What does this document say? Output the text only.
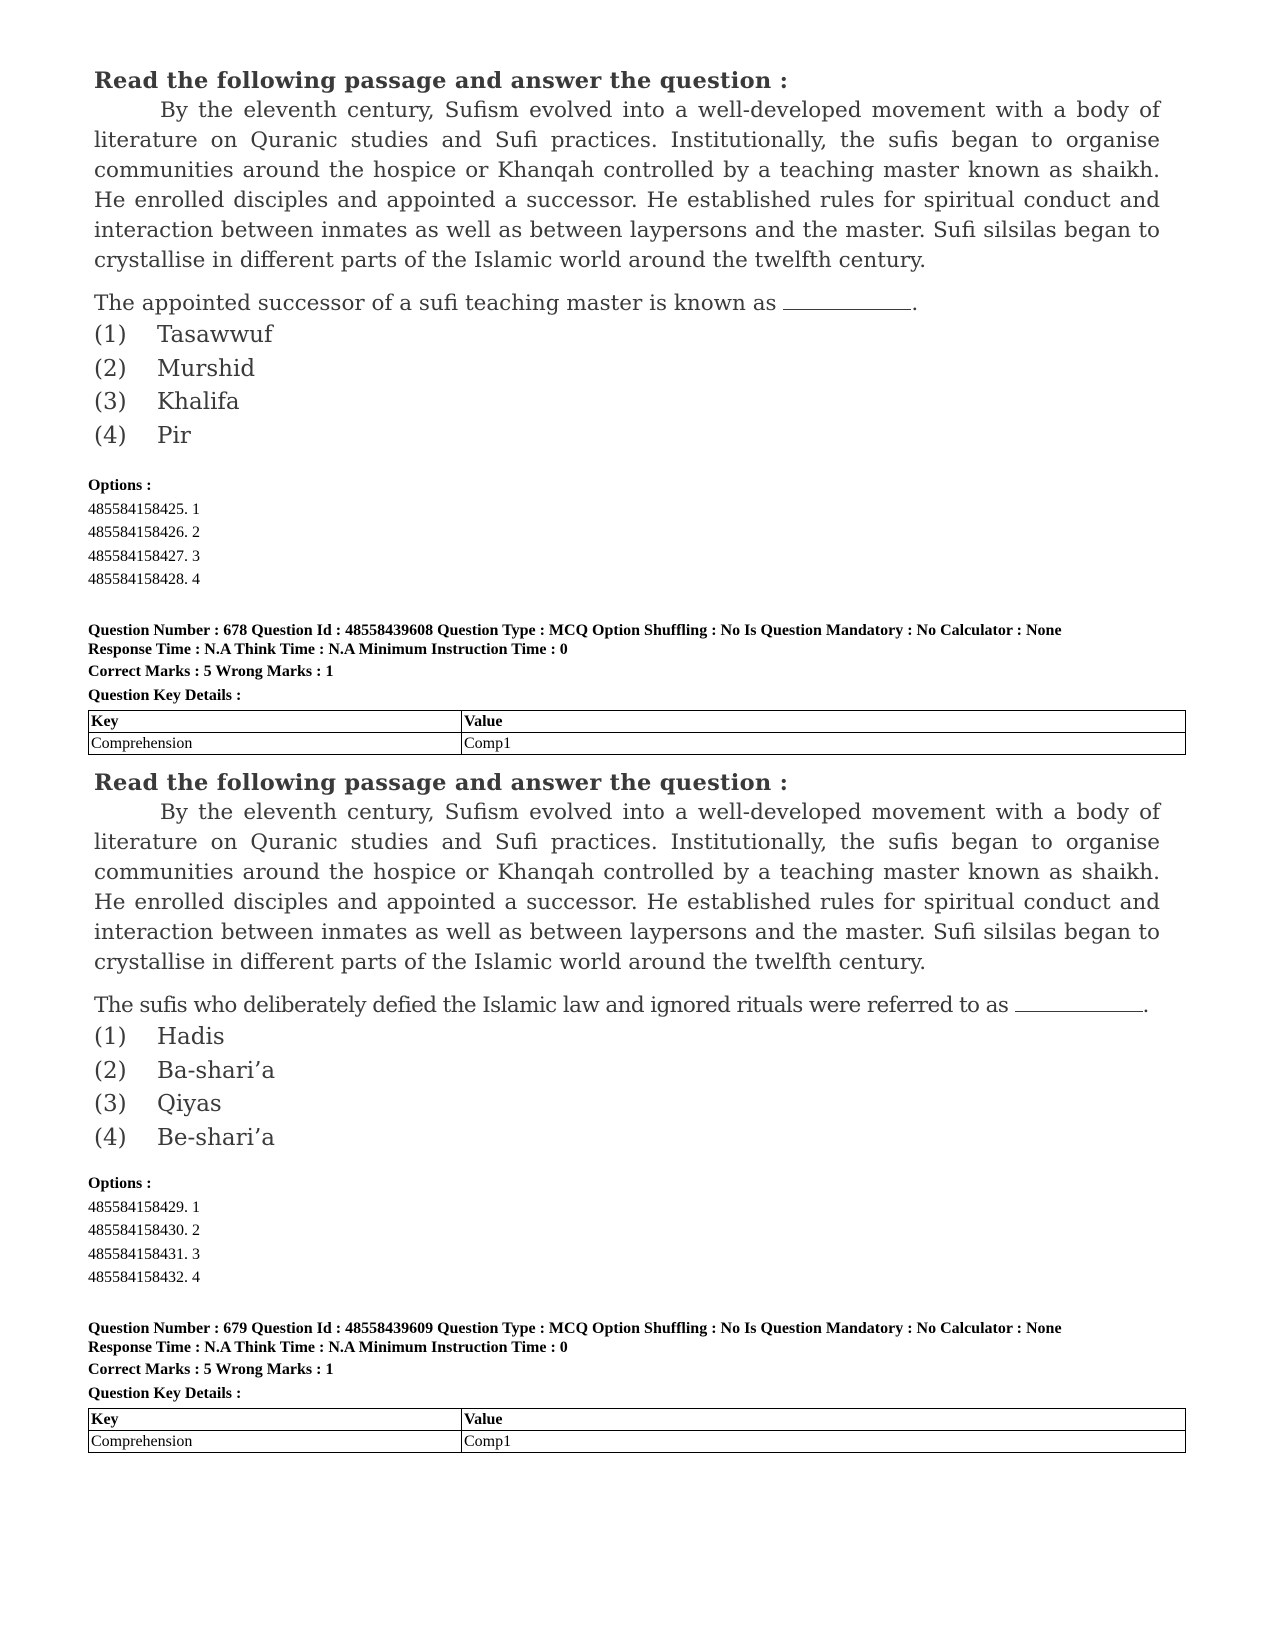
Read the following passage and answer the question :

By the eleventh century, Sufism evolved into a well-developed movement with a body of literature on Quranic studies and Sufi practices. Institutionally, the sufis began to organise communities around the hospice or Khanqah controlled by a teaching master known as shaikh. He enrolled disciples and appointed a successor. He established rules for spiritual conduct and interaction between inmates as well as between laypersons and the master. Sufi silsilas began to crystallise in different parts of the Islamic world around the twelfth century.

The appointed successor of a sufi teaching master is known as	.
(1) Tasawwuf
(2) Murshid
(3) Khalifa
(4) Pir
Options :
485584158425. 1
485584158426. 2
485584158427. 3
485584158428. 4
Question Number : 678 Question Id : 48558439608 Question Type : MCQ Option Shuffling : No Is Question Mandatory : No Calculator : None
Response Time : N.A Think Time : N.A Minimum Instruction Time : 0
Correct Marks : 5 Wrong Marks : 1
Question Key Details :
Key	Value
Comprehension	Comp1
Read the following passage and answer the question :

By the eleventh century, Sufism evolved into a well-developed movement with a body of literature on Quranic studies and Sufi practices. Institutionally, the sufis began to organise communities around the hospice or Khanqah controlled by a teaching master known as shaikh. He enrolled disciples and appointed a successor. He established rules for spiritual conduct and interaction between inmates as well as between laypersons and the master. Sufi silsilas began to crystallise in different parts of the Islamic world around the twelfth century.

The sufis who deliberately defied the Islamic law and ignored rituals were referred to as	.
(1) Hadis
(2) Ba-shari’a
(3) Qiyas
(4) Be-shari’a
Options :
485584158429. 1
485584158430. 2
485584158431. 3
485584158432. 4
Question Number : 679 Question Id : 48558439609 Question Type : MCQ Option Shuffling : No Is Question Mandatory : No Calculator : None
Response Time : N.A Think Time : N.A Minimum Instruction Time : 0
Correct Marks : 5 Wrong Marks : 1
Question Key Details :
Key	Value
Comprehension	Comp1
